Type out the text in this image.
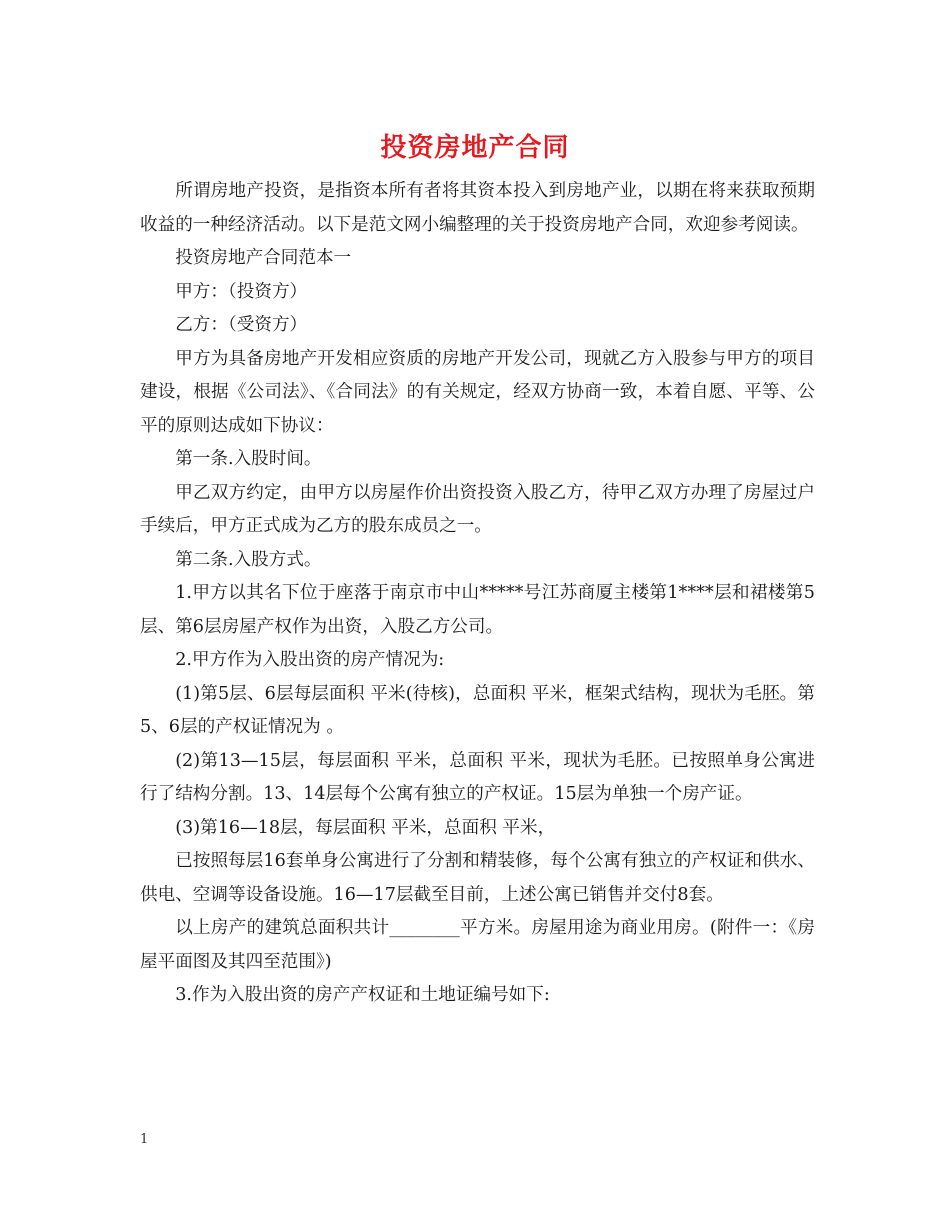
投资房地产合同

所谓房地产投资，是指资本所有者将其资本投入到房地产业，以期在将来获取预期收益的一种经济活动。以下是范文网小编整理的关于投资房地产合同，欢迎参考阅读。

投资房地产合同范本一

甲方：（投资方）

乙方：（受资方）

甲方为具备房地产开发相应资质的房地产开发公司，现就乙方入股参与甲方的项目建设，根据《公司法》、《合同法》的有关规定，经双方协商一致，本着自愿、平等、公平的原则达成如下协议：

第一条.入股时间。

甲乙双方约定，由甲方以房屋作价出资投资入股乙方，待甲乙双方办理了房屋过户手续后，甲方正式成为乙方的股东成员之一。

第二条.入股方式。

1.甲方以其名下位于座落于南京市中山*****号江苏商厦主楼第1****层和裙楼第5层、第6层房屋产权作为出资，入股乙方公司。

2.甲方作为入股出资的房产情况为:

(1)第5层、6层每层面积 平米(待核)，总面积 平米，框架式结构，现状为毛胚。第5、6层的产权证情况为 。

(2)第13—15层，每层面积 平米，总面积 平米，现状为毛胚。已按照单身公寓进行了结构分割。13、14层每个公寓有独立的产权证。15层为单独一个房产证。

(3)第16—18层，每层面积 平米，总面积 平米，

已按照每层16套单身公寓进行了分割和精装修，每个公寓有独立的产权证和供水、供电、空调等设备设施。16—17层截至目前，上述公寓已销售并交付8套。

以上房产的建筑总面积共计________平方米。房屋用途为商业用房。(附件一：《房屋平面图及其四至范围》)

3.作为入股出资的房产产权证和土地证编号如下:

1
